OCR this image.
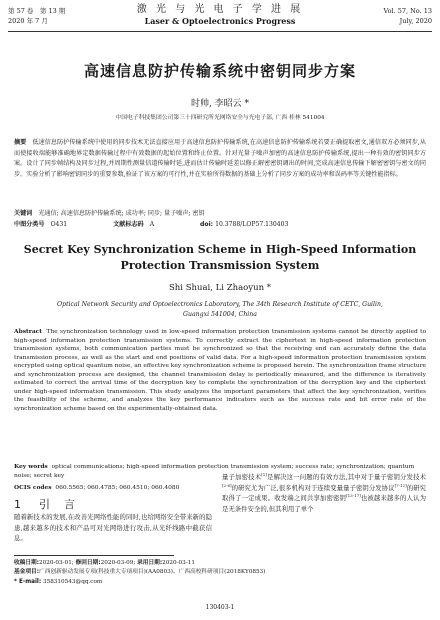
第 57 卷　第 13 期
2020 年 7 月
激 光 与 光 电 子 学 进 展
Laser & Optoelectronics Progress
Vol. 57, No. 13
July, 2020
高速信息防护传输系统中密钥同步方案
时帅, 李昭云 *
中国电子科技集团公司第三十四研究所光网络安全与光电子部, 广西 桂林 541004
摘要　 低速信息防护传输系统中使用的同步技术无法直接应用于高速信息防护传输系统,在高速信息防护传输系统若要正确提取密文,通信双方必须同步,从而使接收端能够准确地界定数据传输过程中有效数据的起始位置和终止位置。针对光量子噪声加密的高速信息防护传输系统,提出一种有效的密钥同步方案。设计了同步帧结构及同步过程,并周期性测量信道传输时延,进而估计传输时延差以修正解密密钥调出的时间,完成高速信息传输下解密密钥与密文的同步。实验分析了影响密钥同步的重要参数,验证了该方案的可行性,并在实验所得数据的基础上分析了同步方案的成功率和误码率等关键性能指标。
关键词　 光通信; 高速信息防护传输系统; 成功率; 同步; 量子噪声; 密钥
中图分类号　 O431	文献标志码　 A	doi: 10.3788/LOP57.130403
Secret Key Synchronization Scheme in High-Speed Information Protection Transmission System
Shi Shuai, Li Zhaoyun *
Optical Network Security and Optoelectronics Laboratory, The 34th Research Institute of CETC, Guilin, Guangxi 541004, China
Abstract The synchronization technology used in low-speed information protection transmission systems cannot be directly applied to high-speed information protection transmission systems. To correctly extract the ciphertext in high-speed information protection transmission systems, both communication parties must be synchronized so that the receiving end can accurately define the data transmission process, as well as the start and end positions of valid data. For a high-speed information protection transmission system encrypted using optical quantum noise, an effective key synchronization scheme is proposed herein. The synchronization frame structure and synchronization process are designed, the channel transmission delay is periodically measured, and the difference is iteratively estimated to correct the arrival time of the decryption key to complete the synchronization of the decryption key and the ciphertext under high-speed information transmission. This study analyzes the important parameters that affect the key synchronization, verifies the feasibility of the scheme, and analyzes the key performance indicators such as the success rate and bit error rate of the synchronization scheme based on the experimentally-obtained data.
Key words optical communications; high-speed information protection transmission system; success rate; synchronization; quantum noise; secret key
OCIS codes 060.5565; 060.4785; 060.4510; 060.4080
1 引言
随着新技术的发展,在改善光网络性能的同时,也给网络安全带来新的隐患,越来越多的技术和产品可对光网络进行攻击,从光纤线路中截获信息。
量子加密技术[1]是解决这一问题的有效方法,其中对于量子密钥分发技术[2-6]的研究尤为广泛,很多机构对于连续变量量子密钥分发协议[7-12]的研究取得了一定成果。收发端之间共享加密密钥[13-17]也被越来越多的人认为是无条件安全的,但其利用了单个
收稿日期:2020-03-01; 修回日期:2020-03-09; 录用日期:2020-03-11
基金项目:广西创新驱动发展专项(科技重大专项项目)(AA0803)、广西高校科研项目(2018KY0853)
* E-mail: 358310543@qq.com
130403-1
